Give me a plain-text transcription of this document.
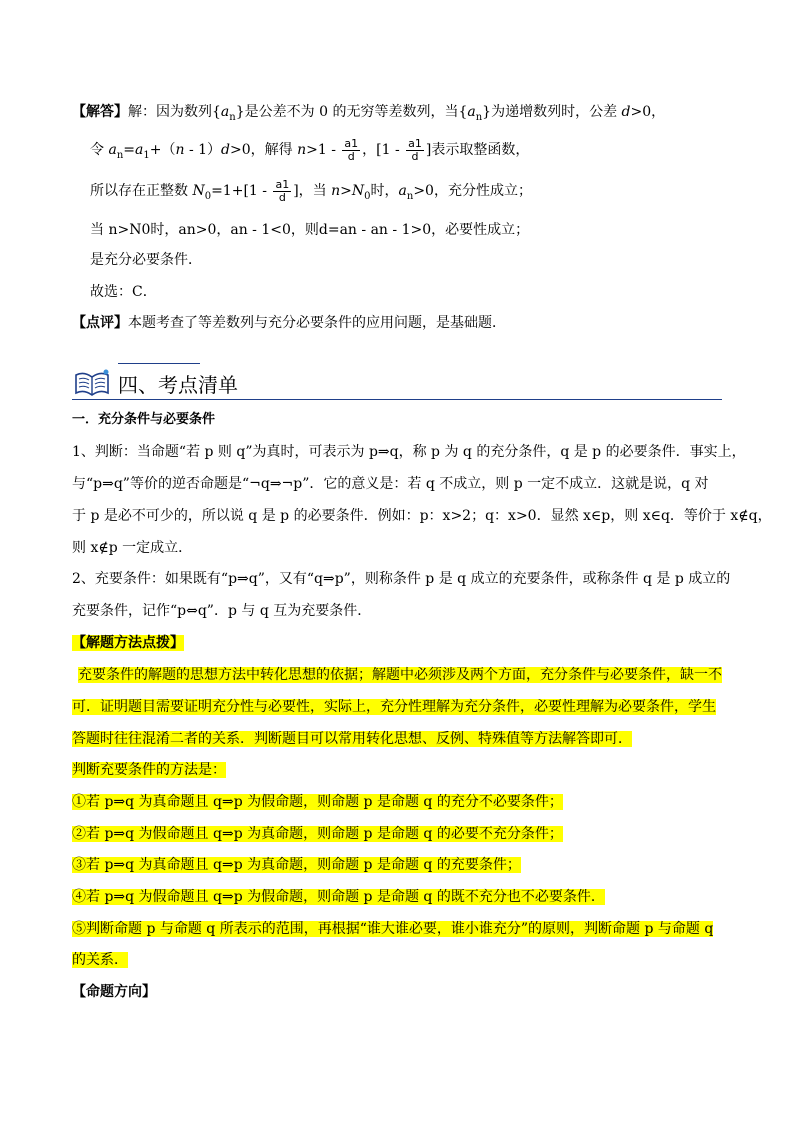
【解答】解：因为数列$\{a_n\}$是公差不为 0 的无穷等差数列，当$\{a_n\}$为递增数列时，公差 d>0，
令 $a_n=a_1+(n - 1)d>0$，解得 $n>1 - \frac{a1}{d}$ ，[$1 - \frac{a1}{d}$ ]表示取整函数，
所以存在正整数 $N_0=1+[1 - \frac{a1}{d}$ ]，当 $n>N_0$时，$a_n>0$，充分性成立；
当 n>N0时，an>0，an - 1<0，则d=an - an - 1>0，必要性成立；
是充分必要条件．
故选：C．
【点评】本题考查了等差数列与充分必要条件的应用问题，是基础题．
四、考点清单
一．充分条件与必要条件
1、判断：当命题“若 p 则 q”为真时，可表示为 p⇒q，称 p 为 q 的充分条件，q 是 p 的必要条件．事实上，
与“p⇒q”等价的逆否命题是“¬q⇒¬p”．它的意义是：若 q 不成立，则 p 一定不成立．这就是说，q 对
于 p 是必不可少的，所以说 q 是 p 的必要条件．例如：p：x>2；q：x>0．显然 x∈p，则 x∈q．等价于 x∉q，
则 x∉p 一定成立．
2、充要条件：如果既有“p⇒q”，又有“q⇒p”，则称条件 p 是 q 成立的充要条件，或称条件 q 是 p 成立的
充要条件，记作“p⇔q”．p 与 q 互为充要条件．
【解题方法点拨】
充要条件的解题的思想方法中转化思想的依据；解题中必须涉及两个方面，充分条件与必要条件，缺一不
可．证明题目需要证明充分性与必要性，实际上，充分性理解为充分条件，必要性理解为必要条件，学生
答题时往往混淆二者的关系．判断题目可以常用转化思想、反例、特殊值等方法解答即可．
判断充要条件的方法是：
①若 p⇒q 为真命题且 q⇒p 为假命题，则命题 p 是命题 q 的充分不必要条件；
②若 p⇒q 为假命题且 q⇒p 为真命题，则命题 p 是命题 q 的必要不充分条件；
③若 p⇒q 为真命题且 q⇒p 为真命题，则命题 p 是命题 q 的充要条件；
④若 p⇒q 为假命题且 q⇒p 为假命题，则命题 p 是命题 q 的既不充分也不必要条件．
⑤判断命题 p 与命题 q 所表示的范围，再根据“谁大谁必要，谁小谁充分”的原则，判断命题 p 与命题 q
的关系．
【命题方向】
